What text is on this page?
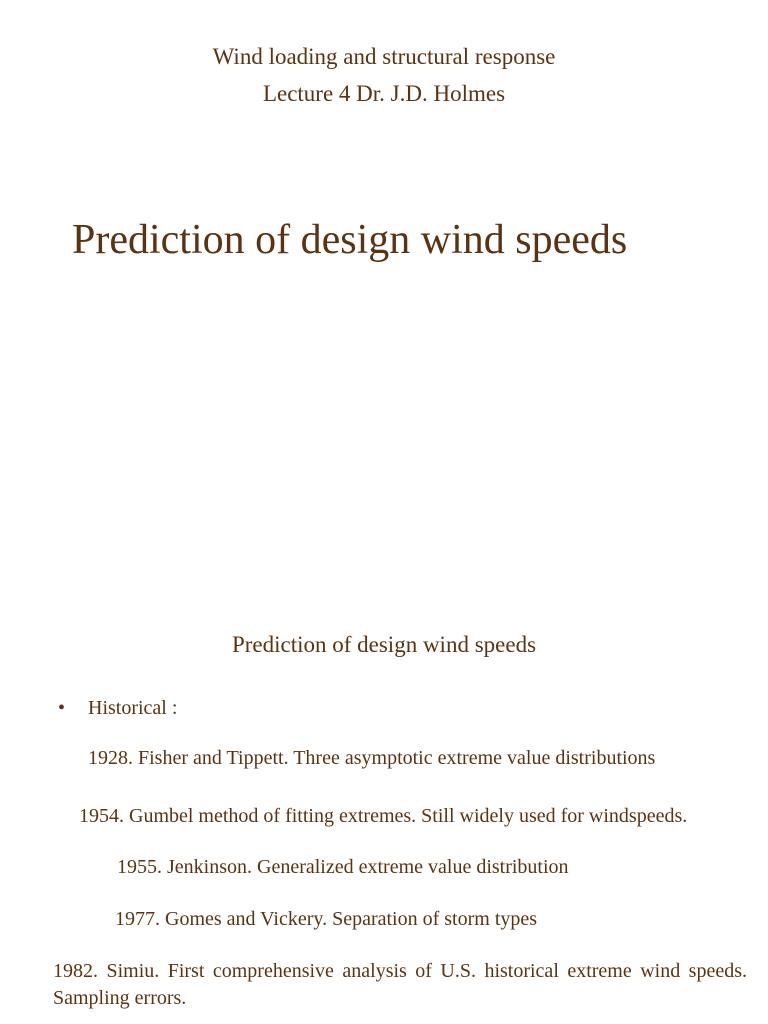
Wind loading and structural response
Lecture 4 Dr. J.D. Holmes
Prediction of design wind speeds
Prediction of design wind speeds
• Historical :
1928. Fisher and Tippett. Three asymptotic extreme value distributions
1954. Gumbel method of fitting extremes. Still widely used for windspeeds.
1955. Jenkinson. Generalized extreme value distribution
1977. Gomes and Vickery. Separation of storm types
1982. Simiu. First comprehensive analysis of U.S. historical extreme wind speeds. Sampling errors.
